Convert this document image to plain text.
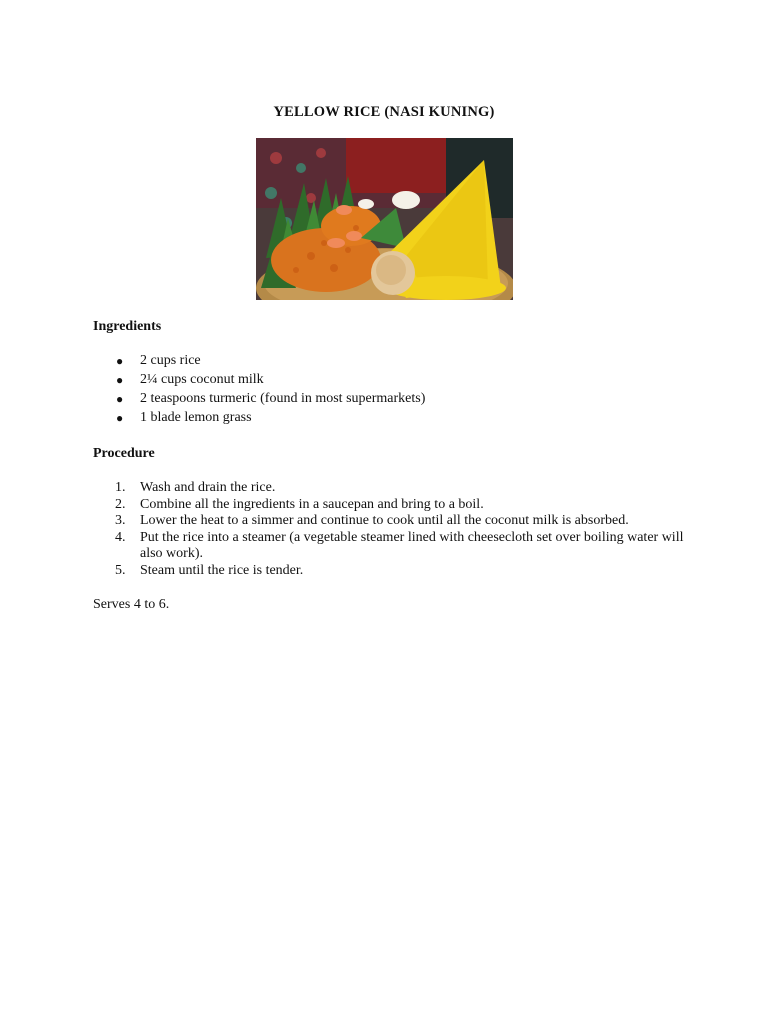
YELLOW RICE (NASI KUNING)
Ingredients
● 2 cups rice
● 2¼ cups coconut milk
● 2 teaspoons turmeric (found in most supermarkets)
● 1 blade lemon grass
Procedure
1. Wash and drain the rice.
2. Combine all the ingredients in a saucepan and bring to a boil.
3. Lower the heat to a simmer and continue to cook until all the coconut milk is absorbed.
4. Put the rice into a steamer (a vegetable steamer lined with cheesecloth set over boiling water will also work).
5. Steam until the rice is tender.
Serves 4 to 6.
